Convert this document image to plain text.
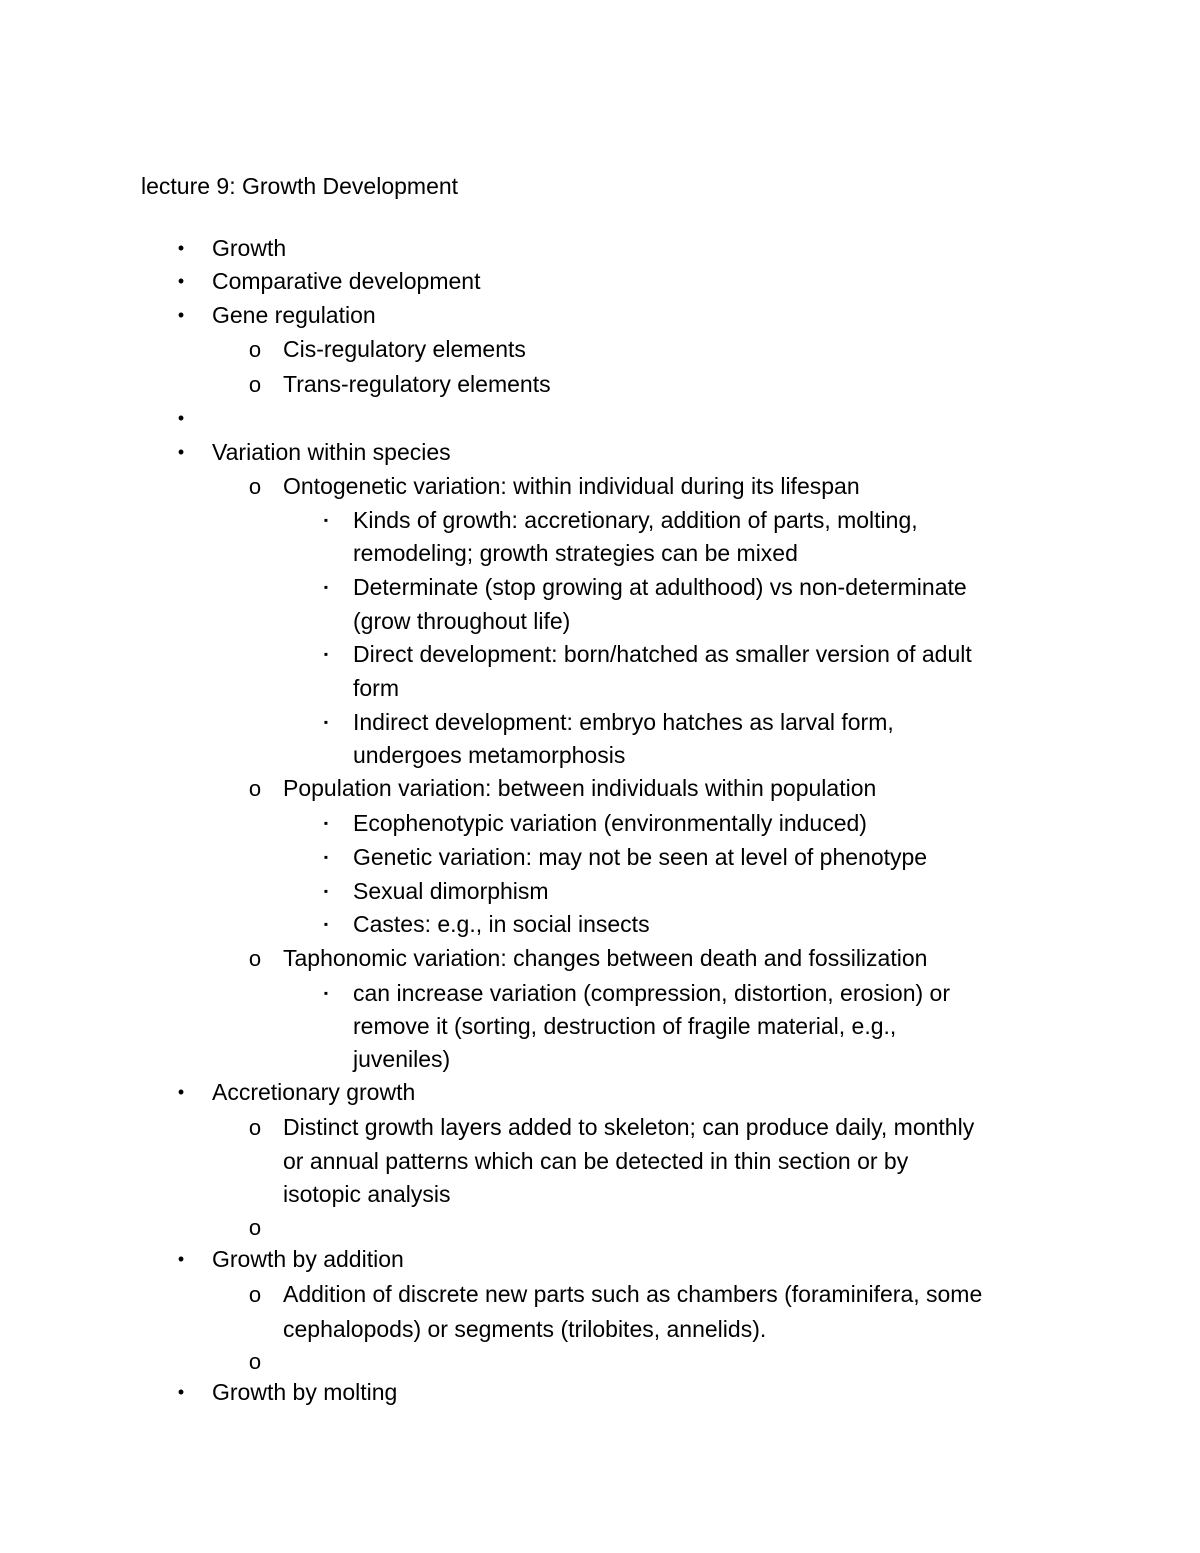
lecture 9: Growth Development
•	Growth
•	Comparative development
•	Gene regulation
o Cis-regulatory elements
o Trans-regulatory elements
•
•	Variation within species
o Ontogenetic variation: within individual during its lifespan
▪	Kinds of growth: accretionary, addition of parts, molting,
remodeling; growth strategies can be mixed
▪	Determinate (stop growing at adulthood) vs non-determinate
(grow throughout life)
▪	Direct development: born/hatched as smaller version of adult
form
▪	Indirect development: embryo hatches as larval form,
undergoes metamorphosis
o Population variation: between individuals within population
▪	Ecophenotypic variation (environmentally induced)
▪	Genetic variation: may not be seen at level of phenotype
▪	Sexual dimorphism
▪	Castes: e.g., in social insects
o Taphonomic variation: changes between death and fossilization
▪	can increase variation (compression, distortion, erosion) or
remove it (sorting, destruction of fragile material, e.g.,
juveniles)
•	Accretionary growth
o Distinct growth layers added to skeleton; can produce daily, monthly
or annual patterns which can be detected in thin section or by
isotopic analysis
o
•	Growth by addition
o Addition of discrete new parts such as chambers (foraminifera, some
cephalopods) or segments (trilobites, annelids).
o
•	Growth by molting
